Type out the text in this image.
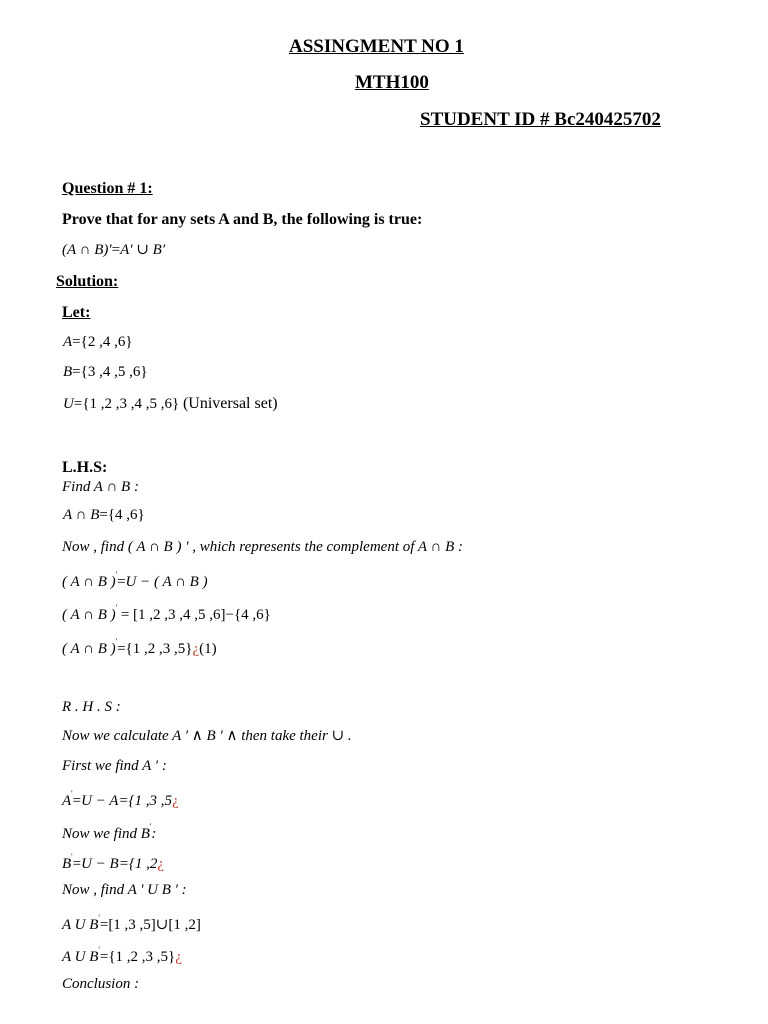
ASSINGMENT NO 1
MTH100
STUDENT ID # Bc240425702
Question # 1:
Prove that for any sets A and B, the following is true:
(A ∩ B)′=A′ ∪ B′
Solution:
Let:
A={2 ,4 ,6}
B={3 ,4 ,5 ,6}
U={1 ,2 ,3 ,4 ,5 ,6} (Universal set)
L.H.S:
Find A ∩ B :
A ∩ B={4 ,6}
Now , find ( A ∩ B ) ′ , which represents the complement of A ∩ B :
( A ∩ B )'=U − ( A ∩ B )
( A ∩ B )' = [1 ,2 ,3 ,4 ,5 ,6]−{4 ,6}
( A ∩ B )'={1 ,2 ,3 ,5}¿(1)
R . H . S :
Now we calculate A ′ ∧ B ′ ∧ then take their ∪ .
First we find A ′ :
A'=U − A={1 ,3 ,5¿
Now we find B':
B'=U − B={1 ,2¿
Now , find A ' U B ' :
A U B'=[1 ,3 ,5]∪[1 ,2]
A U B'={1 ,2 ,3 ,5}¿
Conclusion :
